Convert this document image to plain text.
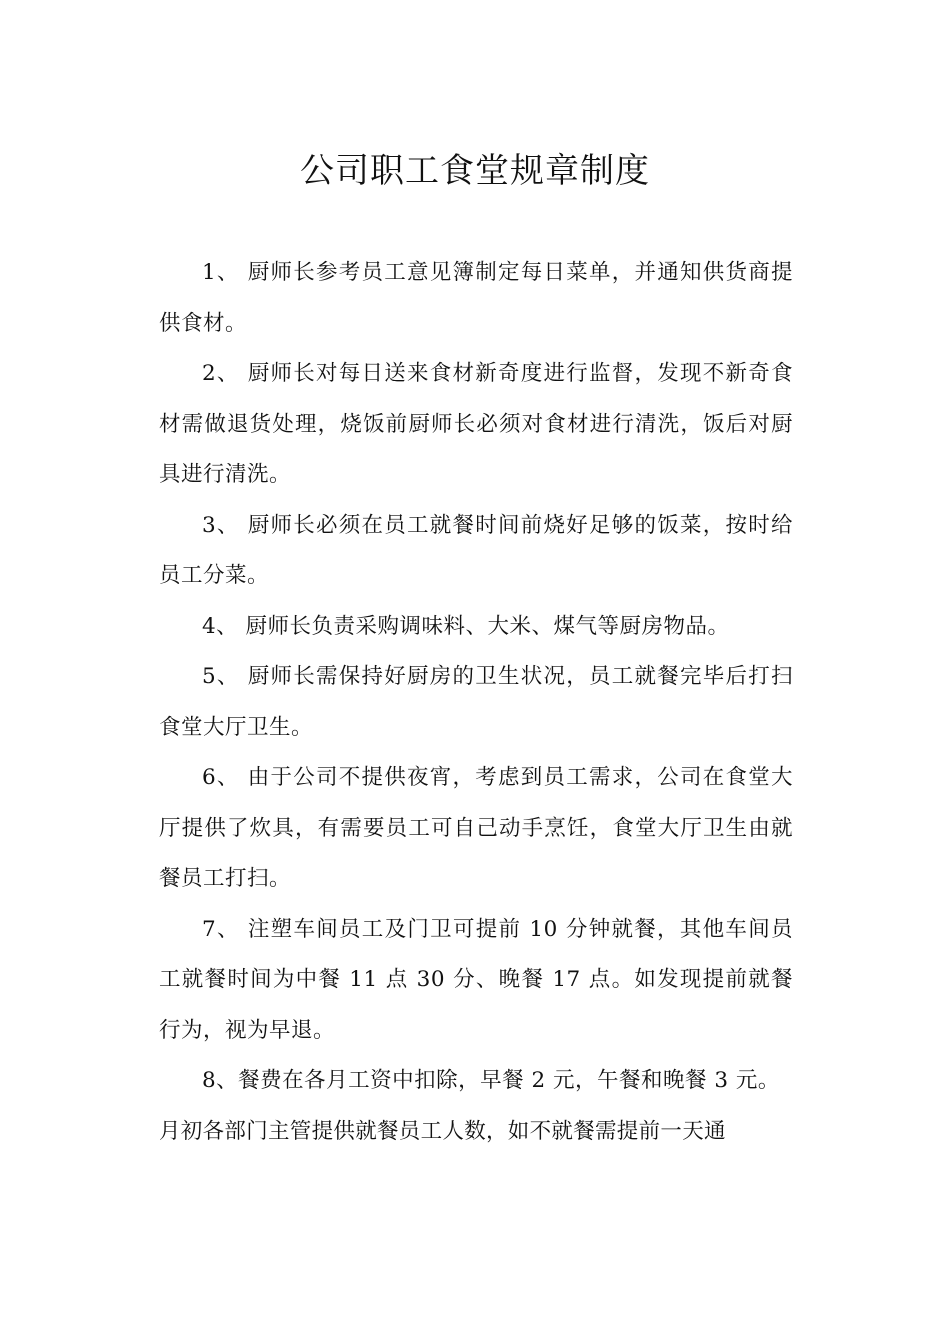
公司职工食堂规章制度

1、 厨师长参考员工意见簿制定每日菜单，并通知供货商提供食材。

2、 厨师长对每日送来食材新奇度进行监督，发现不新奇食材需做退货处理，烧饭前厨师长必须对食材进行清洗，饭后对厨具进行清洗。

3、 厨师长必须在员工就餐时间前烧好足够的饭菜，按时给员工分菜。

4、 厨师长负责采购调味料、大米、煤气等厨房物品。

5、 厨师长需保持好厨房的卫生状况，员工就餐完毕后打扫食堂大厅卫生。

6、 由于公司不提供夜宵，考虑到员工需求，公司在食堂大厅提供了炊具，有需要员工可自己动手烹饪，食堂大厅卫生由就餐员工打扫。

7、 注塑车间员工及门卫可提前 10 分钟就餐，其他车间员工就餐时间为中餐 11 点 30 分、晚餐 17 点。如发现提前就餐行为，视为早退。

8、餐费在各月工资中扣除，早餐 2 元，午餐和晚餐 3 元。

月初各部门主管提供就餐员工人数，如不就餐需提前一天通
